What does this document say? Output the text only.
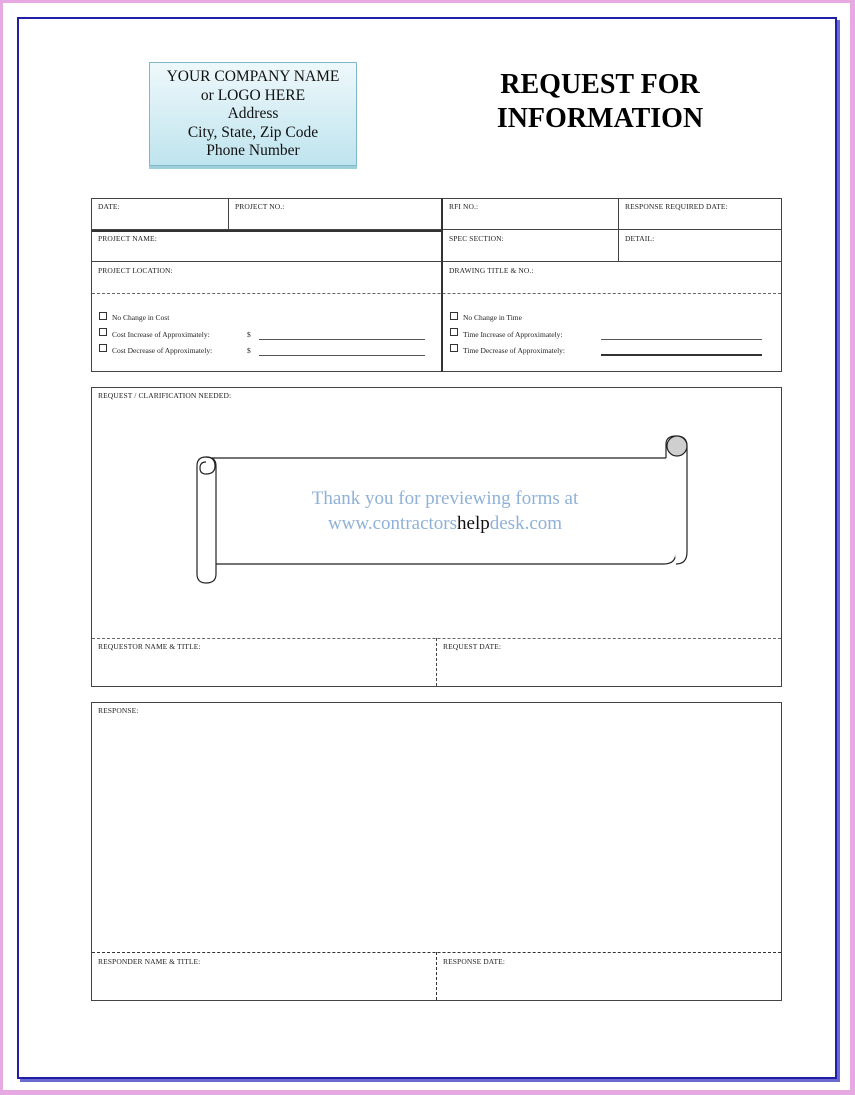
YOUR COMPANY NAME
or LOGO HERE
Address
City, State, Zip Code
Phone Number
REQUEST FOR
INFORMATION
DATE:	PROJECT NO.:	RFI NO.:	RESPONSE REQUIRED DATE:
PROJECT NAME:	SPEC SECTION:	DETAIL:
PROJECT LOCATION:	DRAWING TITLE & NO.:
No Change in Cost
Cost Increase of Approximately:	$
Cost Decrease of Approximately:	$
No Change in Time
Time Increase of Approximately:
Time Decrease of Approximately:
REQUEST / CLARIFICATION NEEDED:
REQUESTOR NAME & TITLE:	REQUEST DATE:
Thank you for previewing forms at
www.contractorshelpdesk.com
RESPONSE:
RESPONDER NAME & TITLE:	RESPONSE DATE:
